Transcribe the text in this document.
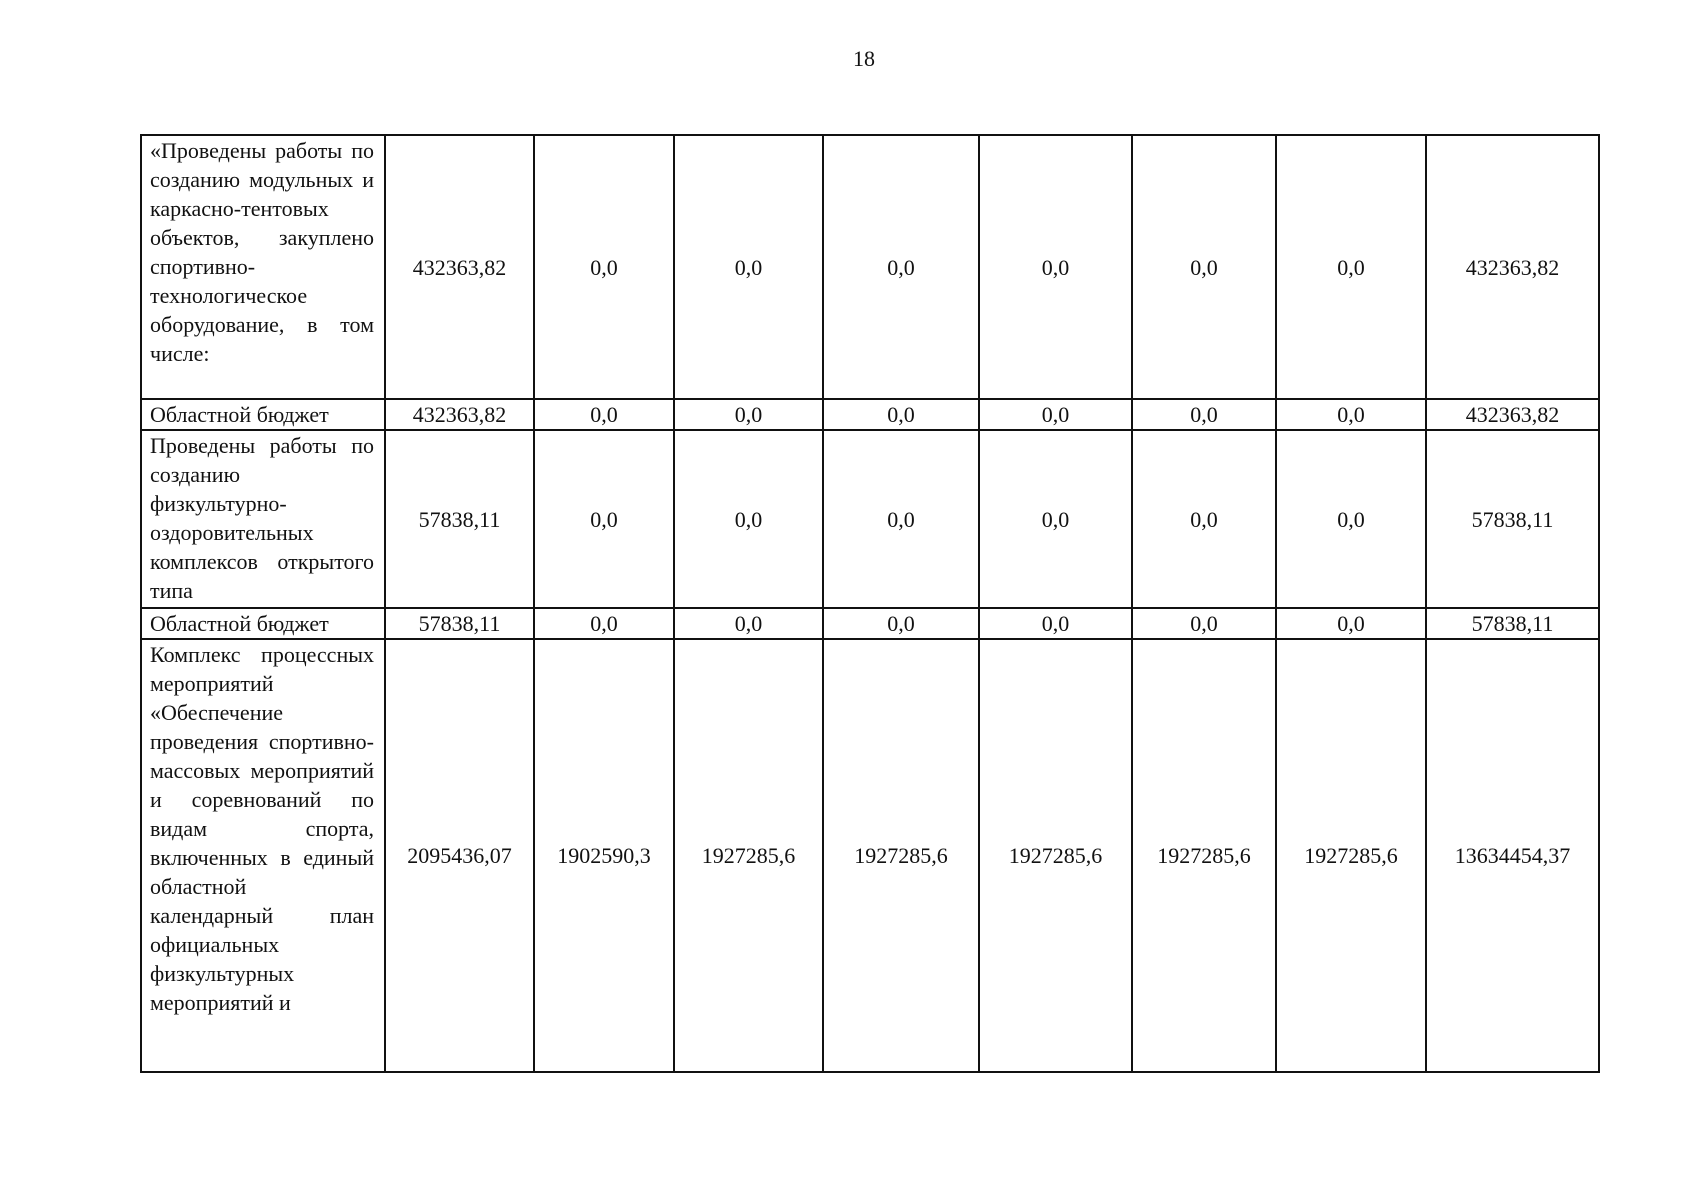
18
«Проведены работы по созданию модульных и каркасно-тентовых объектов, закуплено спортивно-технологическое оборудование, в том числе:	432363,82	0,0	0,0	0,0	0,0	0,0	0,0	432363,82
Областной бюджет	432363,82	0,0	0,0	0,0	0,0	0,0	0,0	432363,82
Проведены работы по созданию физкультурно-оздоровительных комплексов открытого типа	57838,11	0,0	0,0	0,0	0,0	0,0	0,0	57838,11
Областной бюджет	57838,11	0,0	0,0	0,0	0,0	0,0	0,0	57838,11
Комплекс процессных мероприятий «Обеспечение проведения спортивно-массовых мероприятий и соревнований по видам спорта, включенных в единый областной календарный план официальных физкультурных мероприятий и	2095436,07	1902590,3	1927285,6	1927285,6	1927285,6	1927285,6	1927285,6	13634454,37
